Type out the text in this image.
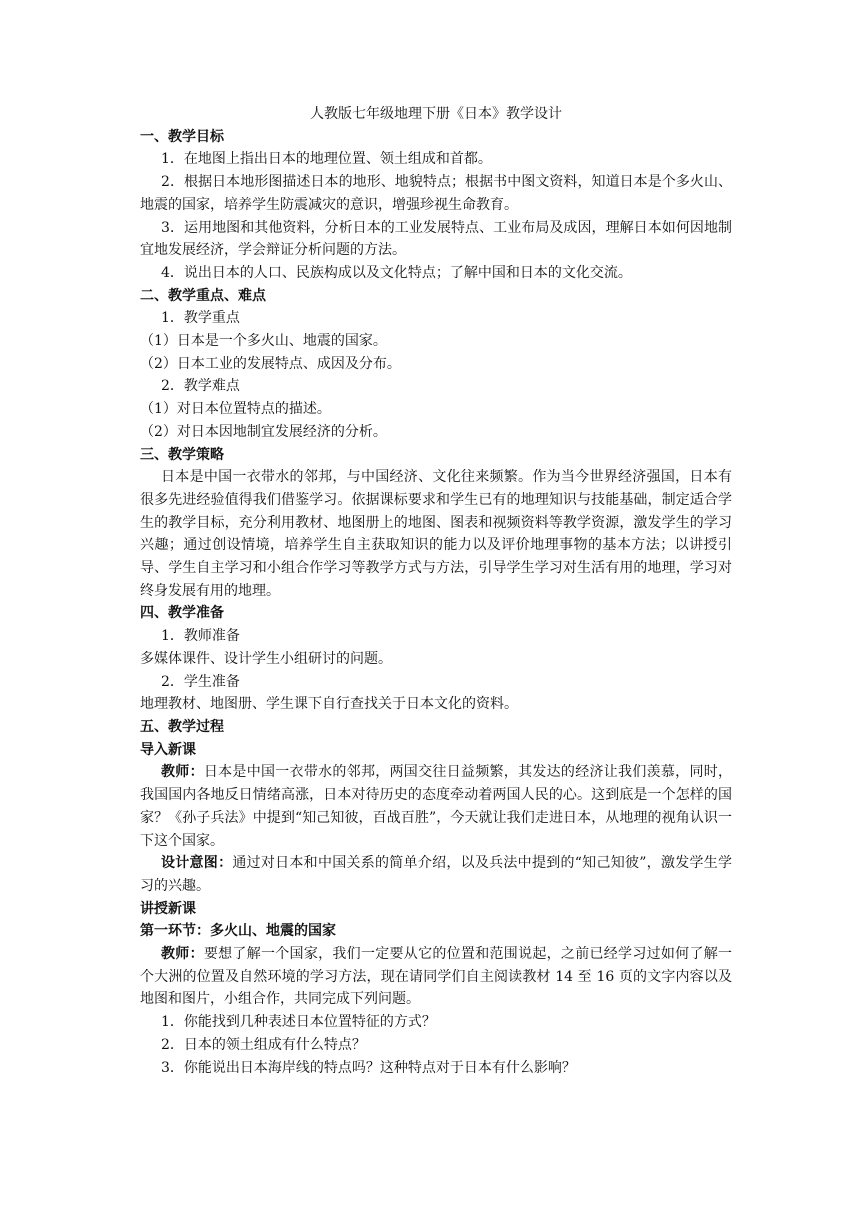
人教版七年级地理下册《日本》教学设计

一、教学目标

1．在地图上指出日本的地理位置、领土组成和首都。

2．根据日本地形图描述日本的地形、地貌特点；根据书中图文资料，知道日本是个多火山、地震的国家，培养学生防震减灾的意识，增强珍视生命教育。

3．运用地图和其他资料，分析日本的工业发展特点、工业布局及成因，理解日本如何因地制宜地发展经济，学会辩证分析问题的方法。

4．说出日本的人口、民族构成以及文化特点；了解中国和日本的文化交流。

二、教学重点、难点

1．教学重点

（1）日本是一个多火山、地震的国家。

（2）日本工业的发展特点、成因及分布。

2．教学难点

（1）对日本位置特点的描述。

（2）对日本因地制宜发展经济的分析。

三、教学策略

日本是中国一衣带水的邻邦，与中国经济、文化往来频繁。作为当今世界经济强国，日本有很多先进经验值得我们借鉴学习。依据课标要求和学生已有的地理知识与技能基础，制定适合学生的教学目标，充分利用教材、地图册上的地图、图表和视频资料等教学资源，激发学生的学习兴趣；通过创设情境，培养学生自主获取知识的能力以及评价地理事物的基本方法；以讲授引导、学生自主学习和小组合作学习等教学方式与方法，引导学生学习对生活有用的地理，学习对终身发展有用的地理。

四、教学准备

1．教师准备

多媒体课件、设计学生小组研讨的问题。

2．学生准备

地理教材、地图册、学生课下自行查找关于日本文化的资料。

五、教学过程

导入新课

教师：日本是中国一衣带水的邻邦，两国交往日益频繁，其发达的经济让我们羡慕，同时，我国国内各地反日情绪高涨，日本对待历史的态度牵动着两国人民的心。这到底是一个怎样的国家？《孙子兵法》中提到“知己知彼，百战百胜”，今天就让我们走进日本，从地理的视角认识一下这个国家。

设计意图：通过对日本和中国关系的简单介绍，以及兵法中提到的“知己知彼”，激发学生学习的兴趣。

讲授新课

第一环节：多火山、地震的国家

教师：要想了解一个国家，我们一定要从它的位置和范围说起，之前已经学习过如何了解一个大洲的位置及自然环境的学习方法，现在请同学们自主阅读教材 14 至 16 页的文字内容以及地图和图片，小组合作，共同完成下列问题。

1．你能找到几种表述日本位置特征的方式？

2．日本的领土组成有什么特点？

3．你能说出日本海岸线的特点吗？这种特点对于日本有什么影响？
